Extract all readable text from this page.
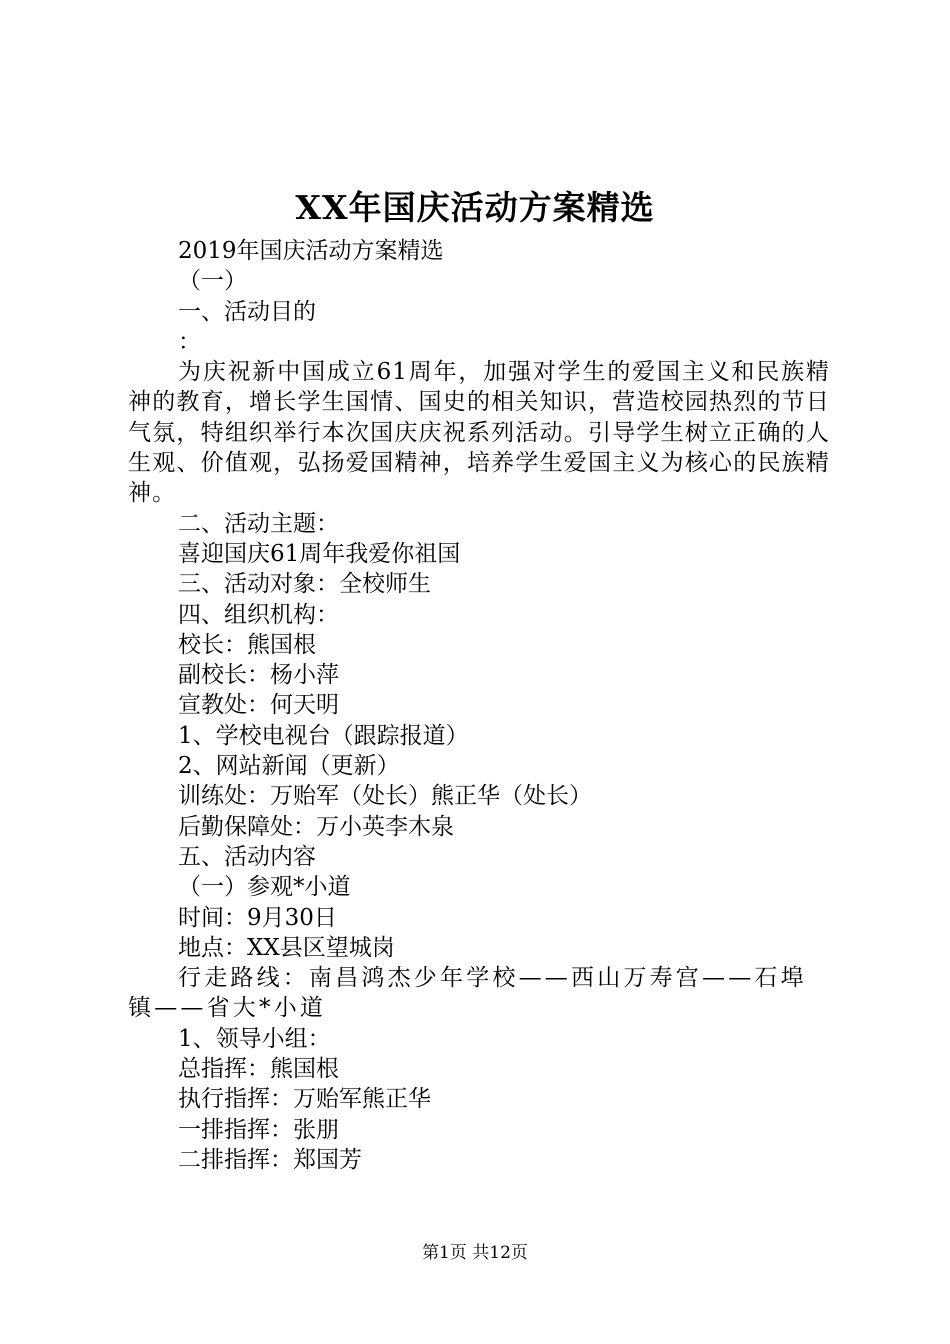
XX年国庆活动方案精选
2019年国庆活动方案精选
（一）
一、活动目的
：
为庆祝新中国成立61周年，加强对学生的爱国主义和民族精神的教育，增长学生国情、国史的相关知识，营造校园热烈的节日气氛，特组织举行本次国庆庆祝系列活动。引导学生树立正确的人生观、价值观，弘扬爱国精神，培养学生爱国主义为核心的民族精神。
二、活动主题：
喜迎国庆61周年我爱你祖国
三、活动对象：全校师生
四、组织机构：
校长：熊国根
副校长：杨小萍
宣教处：何天明
1、学校电视台（跟踪报道）
2、网站新闻（更新）
训练处：万贻军（处长）熊正华（处长）
后勤保障处：万小英李木泉
五、活动内容
（一）参观*小道
时间：9月30日
地点：XX县区望城岗
行走路线：南昌鸿杰少年学校——西山万寿宫——石埠镇——省大*小道
1、领导小组：
总指挥：熊国根
执行指挥：万贻军熊正华
一排指挥：张朋
二排指挥：郑国芳
第1页 共12页
